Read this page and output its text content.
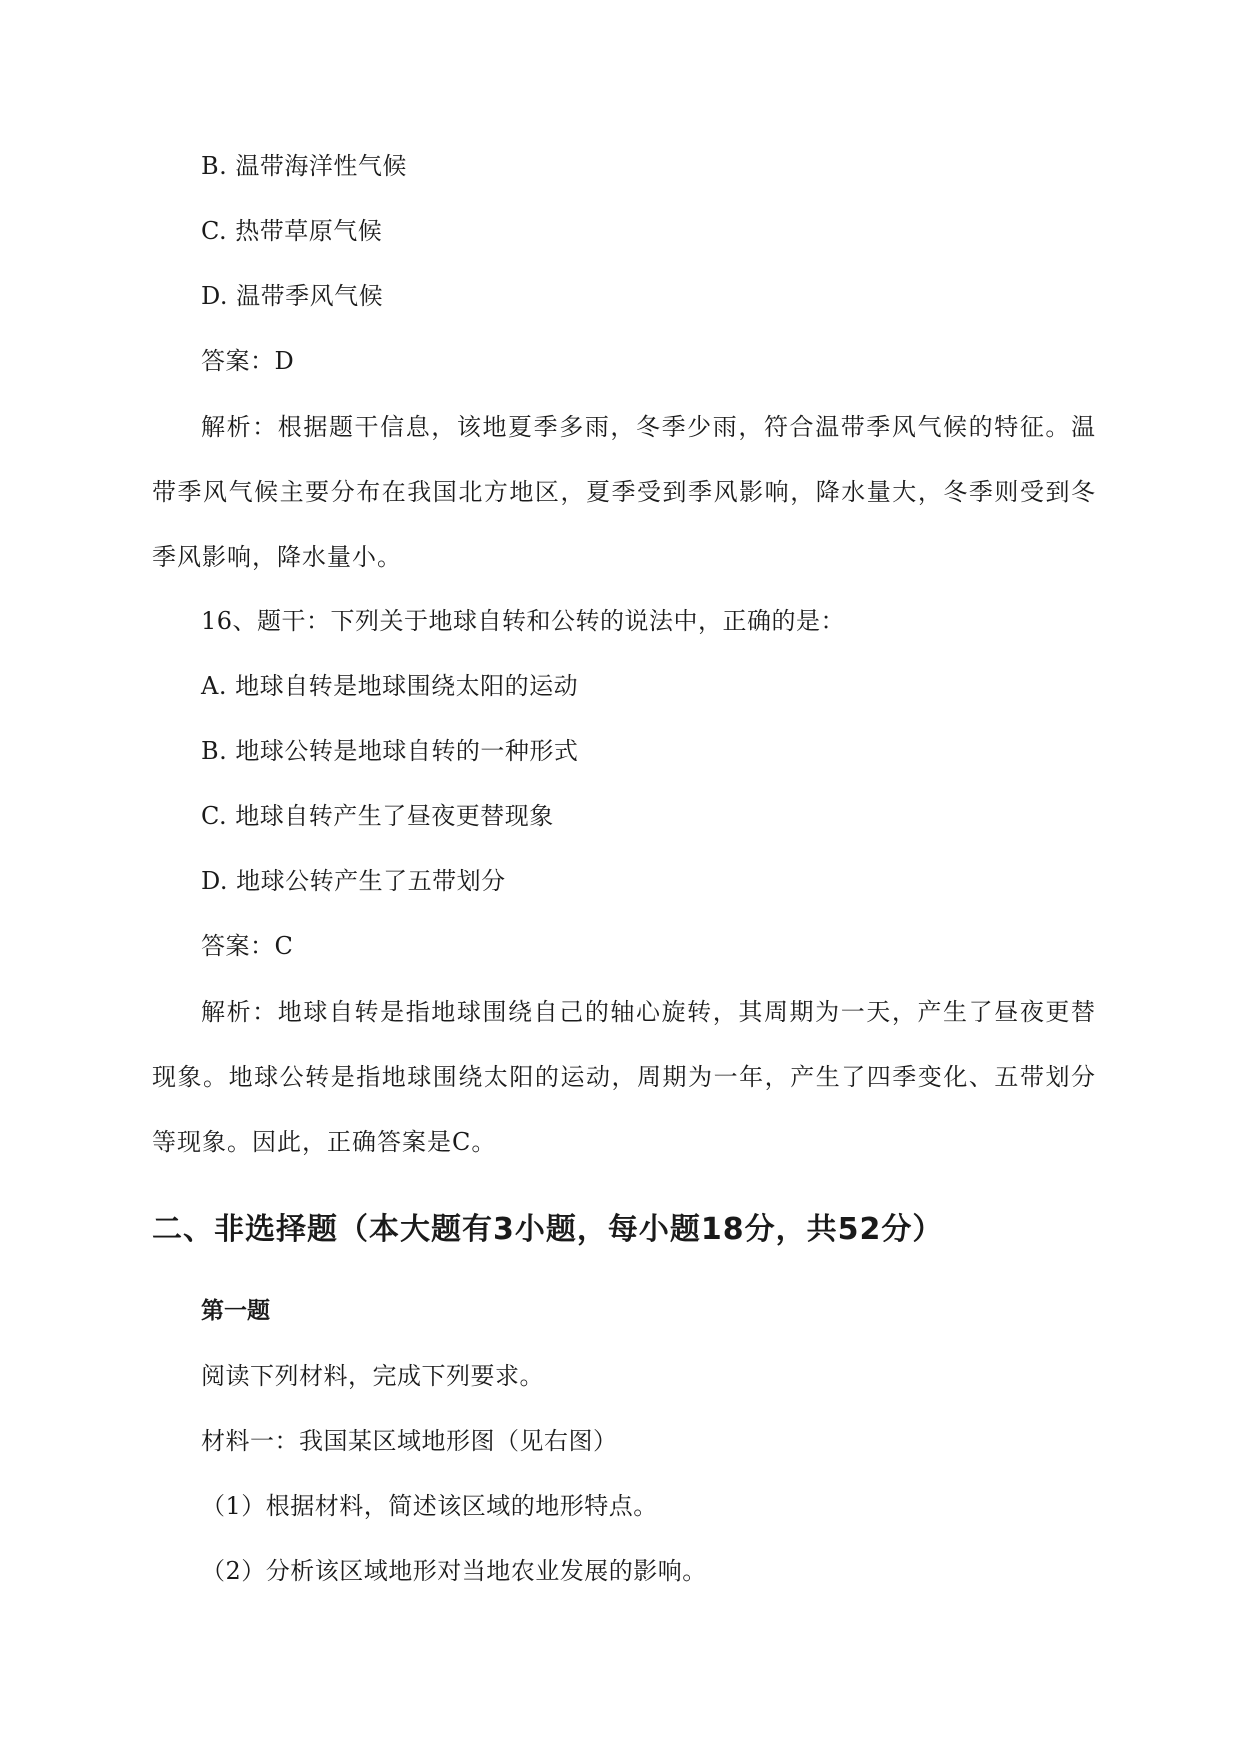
B. 温带海洋性气候
C. 热带草原气候
D. 温带季风气候
答案：D
解析：根据题干信息，该地夏季多雨，冬季少雨，符合温带季风气候的特征。温带季风气候主要分布在我国北方地区，夏季受到季风影响，降水量大，冬季则受到冬季风影响，降水量小。
16、题干：下列关于地球自转和公转的说法中，正确的是：
A. 地球自转是地球围绕太阳的运动
B. 地球公转是地球自转的一种形式
C. 地球自转产生了昼夜更替现象
D. 地球公转产生了五带划分
答案：C
解析：地球自转是指地球围绕自己的轴心旋转，其周期为一天，产生了昼夜更替现象。地球公转是指地球围绕太阳的运动，周期为一年，产生了四季变化、五带划分等现象。因此，正确答案是C。
二、非选择题（本大题有3小题，每小题18分，共52分）
第一题
阅读下列材料，完成下列要求。
材料一：我国某区域地形图（见右图）
（1）根据材料，简述该区域的地形特点。
（2）分析该区域地形对当地农业发展的影响。
